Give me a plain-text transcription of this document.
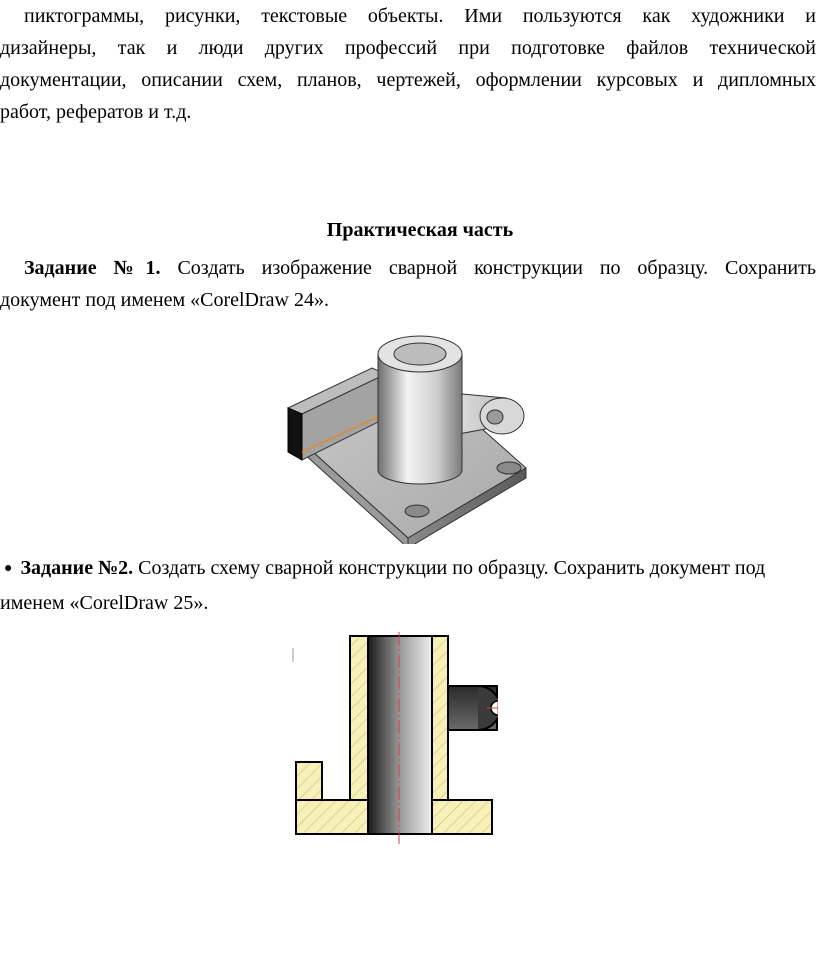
пиктограммы, рисунки, текстовые объекты. Ими пользуются как художники и
дизайнеры, так и люди других профессий при подготовке файлов технической
документации, описании схем, планов, чертежей, оформлении курсовых и дипломных
работ, рефератов и т.д.
Практическая часть
Задание №1. Создать изображение сварной конструкции по образцу. Сохранить
документ под именем «CorelDraw 24».
● Задание №2. Создать схему сварной конструкции по образцу. Сохранить документ под
именем «CorelDraw 25».
